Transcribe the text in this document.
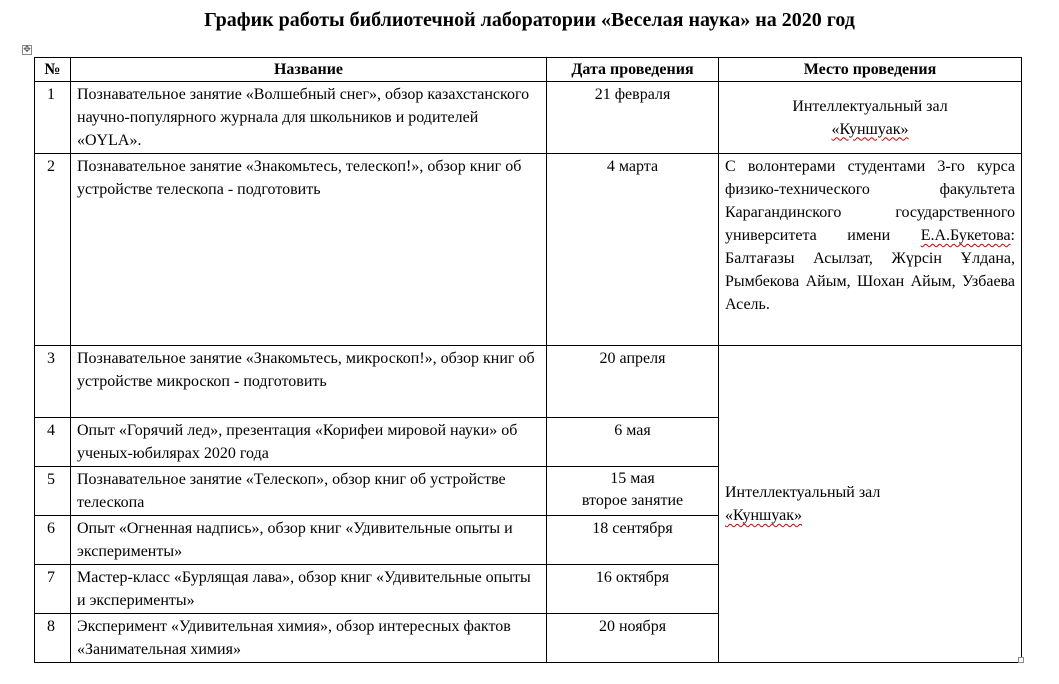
График работы библиотечной лаборатории «Веселая наука» на 2020 год
✥
№	Название	Дата проведения	Место проведения
1	Познавательное занятие «Волшебный снег», обзор казахстанского научно-популярного журнала для школьников и родителей «OYLA».	21 февраля	Интеллектуальный зал
«Куншуак»
2	Познавательное занятие «Знакомьтесь, телескоп!», обзор книг об устройстве телескопа - подготовить	4 марта	С волонтерами студентами 3-го курса физико-технического факультета Карагандинского государственного университета имени Е.А.Букетова: Балтағазы Асылзат, Жүрсін Ұлдана, Рымбекова Айым, Шохан Айым, Узбаева Асель.
3	Познавательное занятие «Знакомьтесь, микроскоп!», обзор книг об устройстве микроскоп - подготовить	20 апреля	Интеллектуальный зал
«Куншуак»
4	Опыт «Горячий лед», презентация «Корифеи мировой науки» об ученых-юбилярах 2020 года	6 мая	
5	Познавательное занятие «Телескоп», обзор книг об устройстве телескопа	15 мая
второе занятие	

6	Опыт «Огненная надпись», обзор книг «Удивительные опыты и эксперименты»	18 сентября	
7	Мастер-класс «Бурлящая лава», обзор книг «Удивительные опыты и эксперименты»	16 октября	
8	Эксперимент «Удивительная химия», обзор интересных фактов «Занимательная химия»	20 ноября	
